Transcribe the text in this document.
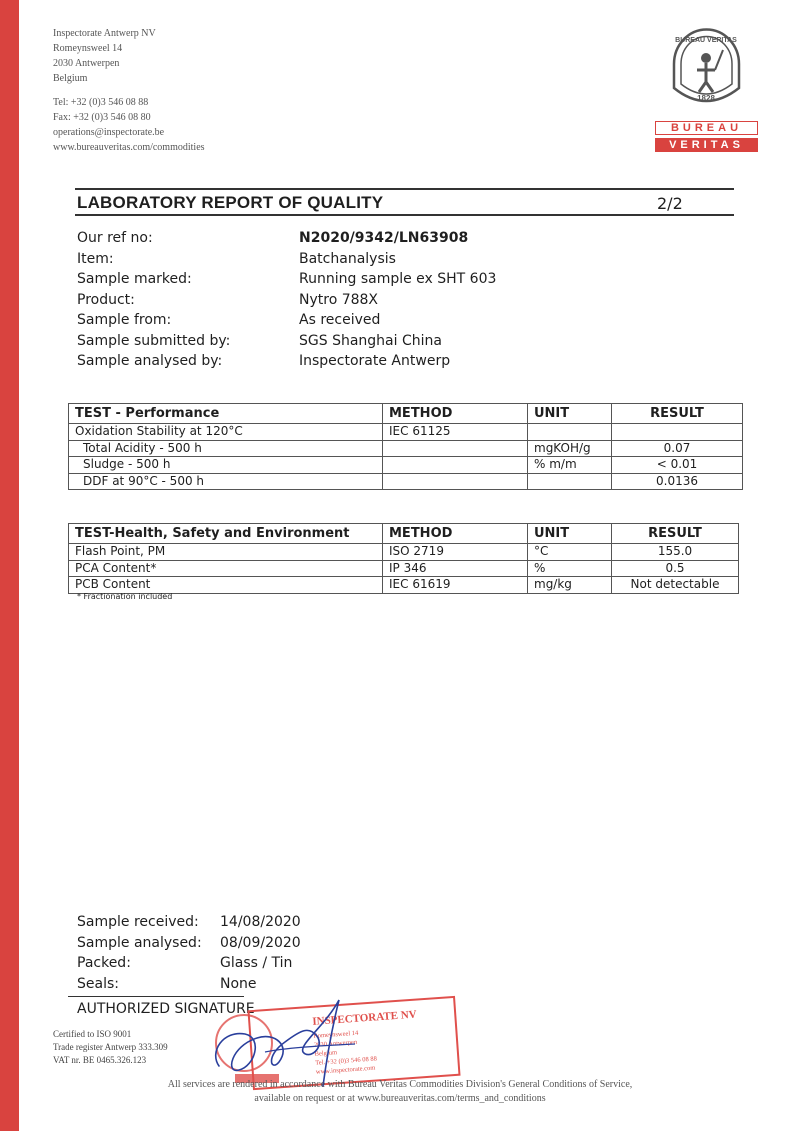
Inspectorate Antwerp NV
Romeynsweel 14
2030 Antwerpen
Belgium
Tel: +32 (0)3 546 08 88
Fax: +32 (0)3 546 08 80
operations@inspectorate.be
www.bureauveritas.com/commodities
BUREAU VERITAS
1828
BUREAU
VERITAS
LABORATORY REPORT OF QUALITY	2/2
Our ref no:	N2020/9342/LN63908
Item:	Batchanalysis
Sample marked:	Running sample ex SHT 603
Product:	Nytro 788X
Sample from:	As received
Sample submitted by:	SGS Shanghai China
Sample analysed by:	Inspectorate Antwerp
TEST - Performance	METHOD	UNIT	RESULT
Oxidation Stability at 120°C	IEC 61125		
Total Acidity - 500 h		mgKOH/g	0.07
Sludge - 500 h		% m/m	< 0.01
DDF at 90°C - 500 h			0.0136
TEST-Health, Safety and Environment	METHOD	UNIT	RESULT
Flash Point, PM	ISO 2719	°C	155.0
PCA Content*	IP 346	%	0.5
PCB Content	IEC 61619	mg/kg	Not detectable
* Fractionation included
Sample received: 14/08/2020
Sample analysed: 08/09/2020
Packed:	Glass / Tin
Seals:	None
AUTHORIZED SIGNATURE
Certified to ISO 9001
Trade register Antwerp 333.309
VAT nr. BE 0465.326.123
INSPECTORATE NV
Romeynsweel 14
2030 Antwerpen
Belgium
Tel. +32 (0)3 546 08 88
www.inspectorate.com
All services are rendered in accordance with Bureau Veritas Commodities Division's General Conditions of Service,
available on request or at www.bureauveritas.com/terms_and_conditions
